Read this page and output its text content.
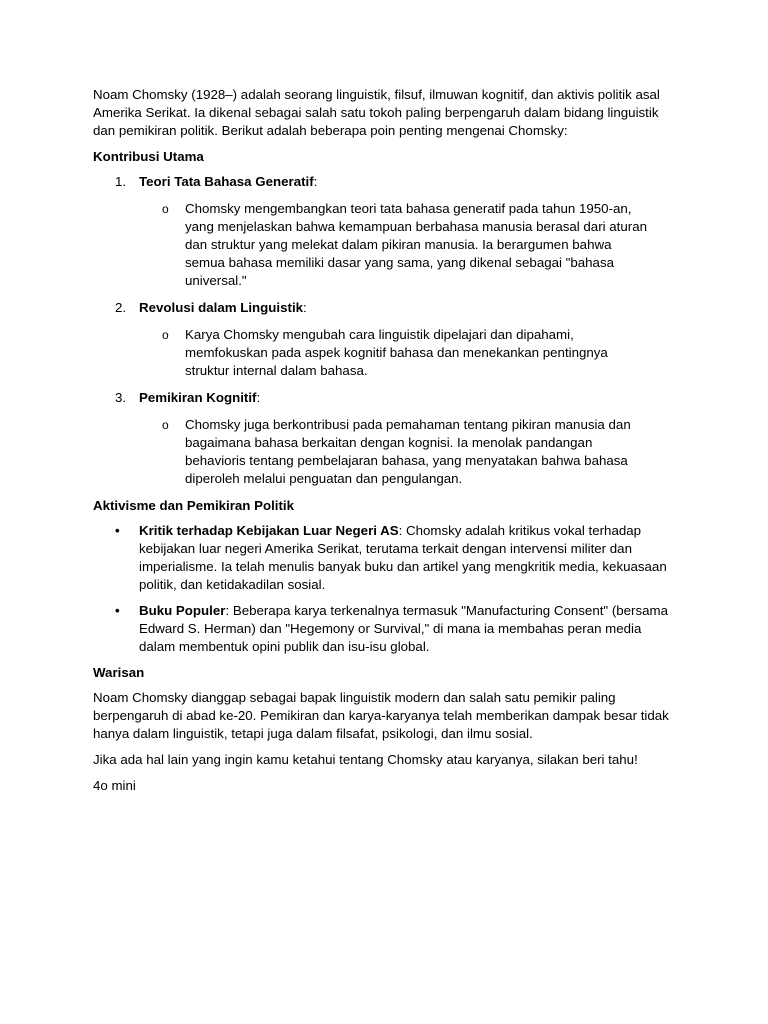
Noam Chomsky (1928–) adalah seorang linguistik, filsuf, ilmuwan kognitif, dan aktivis politik asal Amerika Serikat. Ia dikenal sebagai salah satu tokoh paling berpengaruh dalam bidang linguistik dan pemikiran politik. Berikut adalah beberapa poin penting mengenai Chomsky:

Kontribusi Utama

1. Teori Tata Bahasa Generatif:
o	Chomsky mengembangkan teori tata bahasa generatif pada tahun 1950-an, yang menjelaskan bahwa kemampuan berbahasa manusia berasal dari aturan dan struktur yang melekat dalam pikiran manusia. Ia berargumen bahwa semua bahasa memiliki dasar yang sama, yang dikenal sebagai "bahasa universal."
2. Revolusi dalam Linguistik:
o	Karya Chomsky mengubah cara linguistik dipelajari dan dipahami, memfokuskan pada aspek kognitif bahasa dan menekankan pentingnya struktur internal dalam bahasa.
3. Pemikiran Kognitif:
o	Chomsky juga berkontribusi pada pemahaman tentang pikiran manusia dan bagaimana bahasa berkaitan dengan kognisi. Ia menolak pandangan behavioris tentang pembelajaran bahasa, yang menyatakan bahwa bahasa diperoleh melalui penguatan dan pengulangan.

Aktivisme dan Pemikiran Politik

•	Kritik terhadap Kebijakan Luar Negeri AS: Chomsky adalah kritikus vokal terhadap kebijakan luar negeri Amerika Serikat, terutama terkait dengan intervensi militer dan imperialisme. Ia telah menulis banyak buku dan artikel yang mengkritik media, kekuasaan politik, dan ketidakadilan sosial.
•	Buku Populer: Beberapa karya terkenalnya termasuk "Manufacturing Consent" (bersama Edward S. Herman) dan "Hegemony or Survival," di mana ia membahas peran media dalam membentuk opini publik dan isu-isu global.

Warisan

Noam Chomsky dianggap sebagai bapak linguistik modern dan salah satu pemikir paling berpengaruh di abad ke-20. Pemikiran dan karya-karyanya telah memberikan dampak besar tidak hanya dalam linguistik, tetapi juga dalam filsafat, psikologi, dan ilmu sosial.

Jika ada hal lain yang ingin kamu ketahui tentang Chomsky atau karyanya, silakan beri tahu!

4o mini
